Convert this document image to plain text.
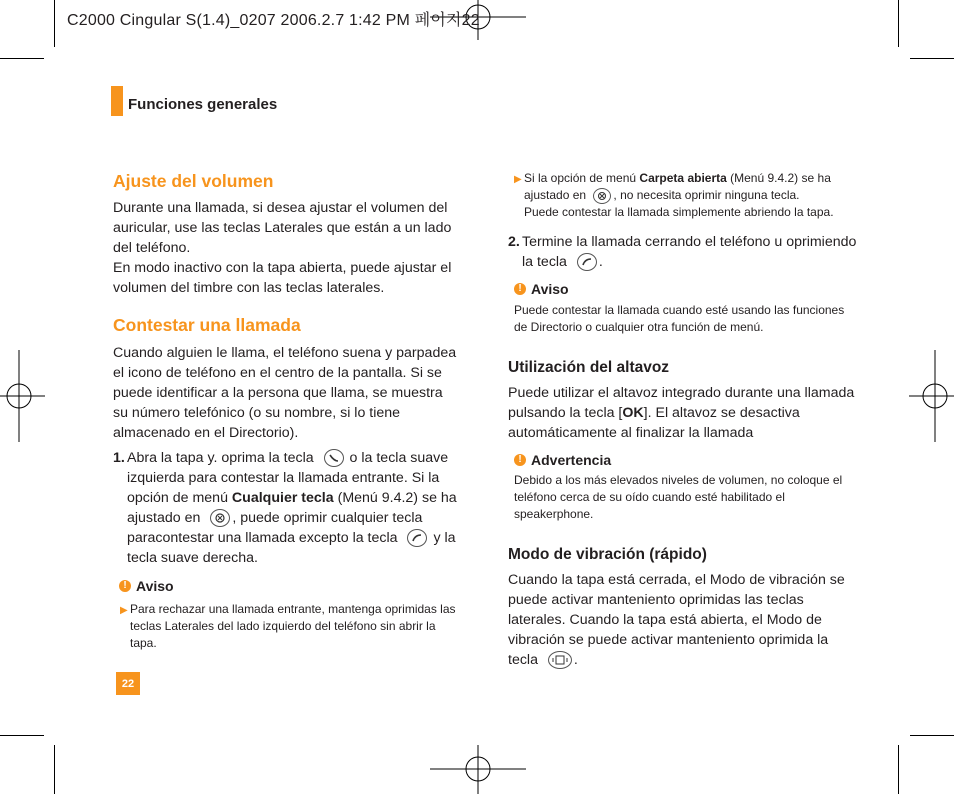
C2000 Cingular S(1.4)_0207 2006.2.7 1:42 PM 페이지22
Funciones generales
Ajuste del volumen
Durante una llamada, si desea ajustar el volumen del auricular, use las teclas Laterales que están a un lado del teléfono.
En modo inactivo con la tapa abierta, puede ajustar el volumen del timbre con las teclas laterales.
Contestar una llamada
Cuando alguien le llama, el teléfono suena y parpadea el icono de teléfono en el centro de la pantalla. Si se puede identificar a la persona que llama, se muestra su número telefónico (o su nombre, si lo tiene almacenado en el Directorio).
1. Abra la tapa y. oprima la tecla	o la tecla suave izquierda para contestar la llamada entrante. Si la opción de menú Cualquier tecla (Menú 9.4.2) se ha ajustado en , puede oprimir cualquier tecla paracontestar una llamada excepto la tecla	y la tecla suave derecha.
! Aviso
▶ Para rechazar una llamada entrante, mantenga oprimidas las teclas Laterales del lado izquierdo del teléfono sin abrir la tapa.
22
▶ Si la opción de menú Carpeta abierta (Menú 9.4.2) se ha ajustado en , no necesita oprimir ninguna tecla.
Puede contestar la llamada simplemente abriendo la tapa.
2. Termine la llamada cerrando el teléfono u oprimiendo la tecla .
! Aviso
Puede contestar la llamada cuando esté usando las funciones de Directorio o cualquier otra función de menú.
Utilización del altavoz
Puede utilizar el altavoz integrado durante una llamada pulsando la tecla [OK]. El altavoz se desactiva automáticamente al finalizar la llamada
! Advertencia
Debido a los más elevados niveles de volumen, no coloque el teléfono cerca de su oído cuando esté habilitado el speakerphone.
Modo de vibración (rápido)
Cuando la tapa está cerrada, el Modo de vibración se puede activar manteniento oprimidas las teclas laterales. Cuando la tapa está abierta, el Modo de vibración se puede activar manteniento oprimida la tecla	.
